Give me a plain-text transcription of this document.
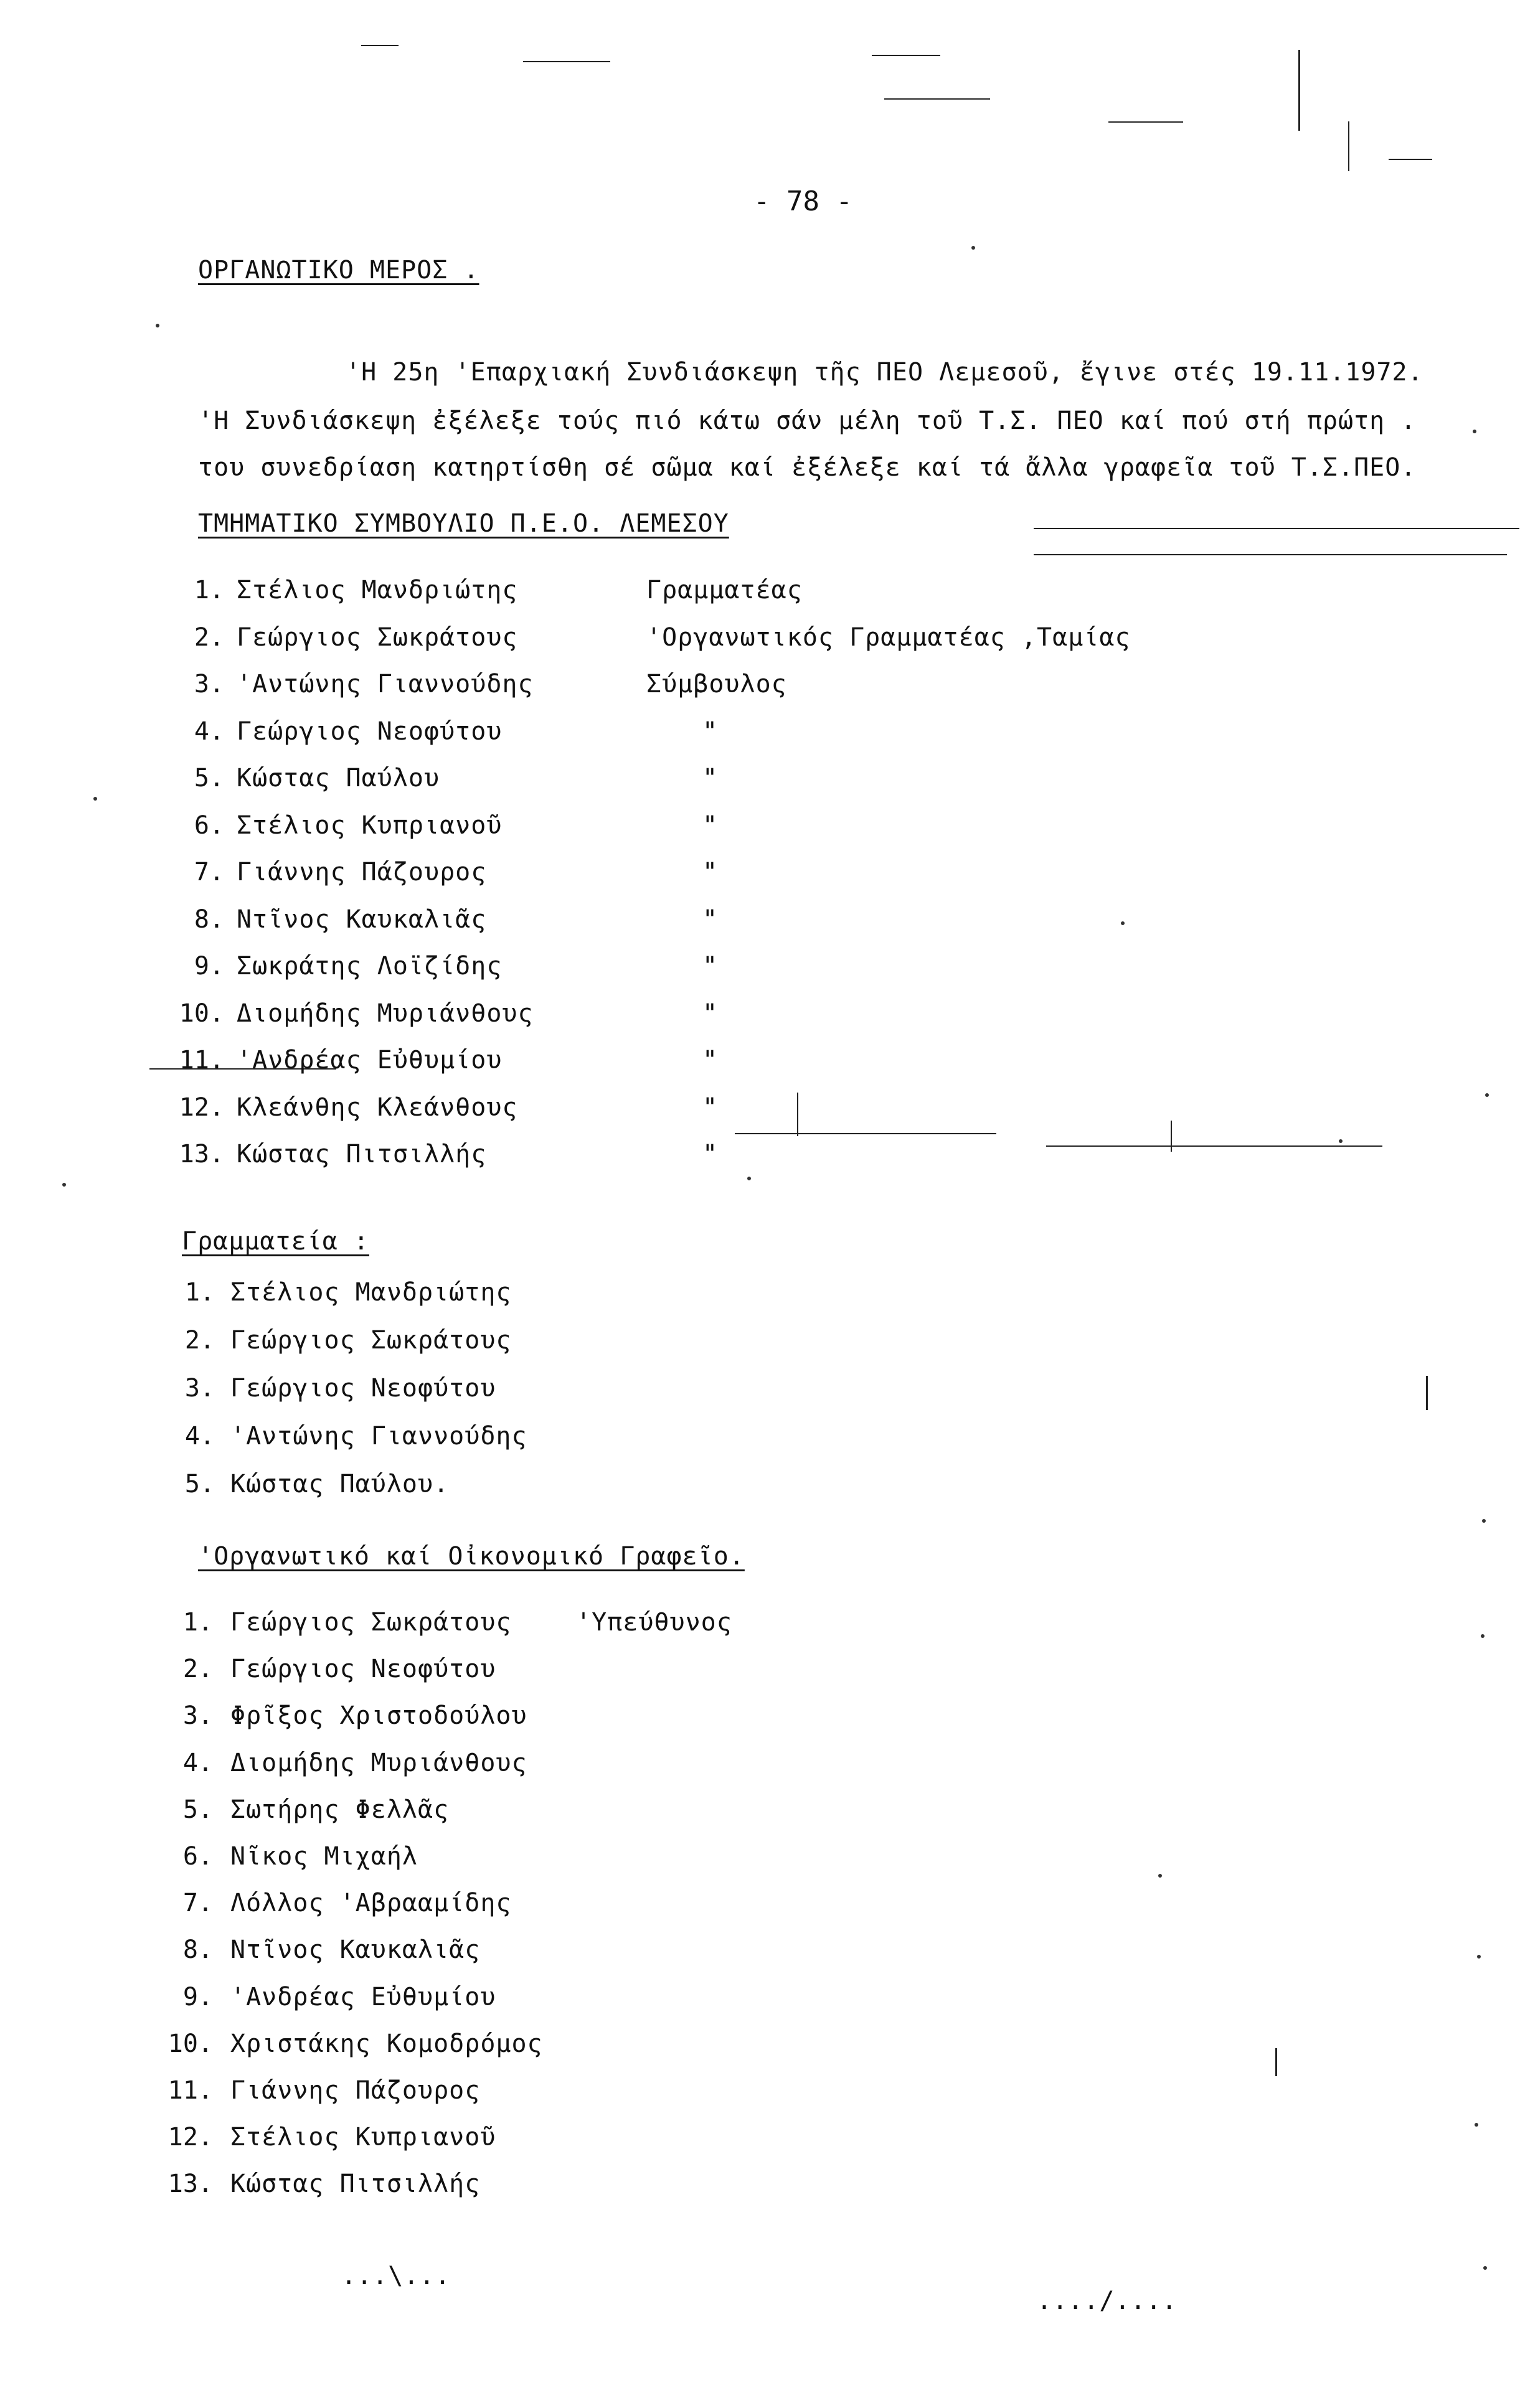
- 78 -
ΟΡΓΑΝΩΤΙΚΟ ΜΕΡΟΣ .
'Η 25η 'Επαρχιακή Συνδιάσκεψη τῆς ΠΕΟ Λεμεσοῦ, ἔγινε στές 19.11.1972.
'Η Συνδιάσκεψη ἐξέλεξε τούς πιό κάτω σάν μέλη τοῦ Τ.Σ. ΠΕΟ καί πού στή πρώτη .
του συνεδρίαση κατηρτίσθη σέ σῶμα καί ἐξέλεξε καί τά ἄλλα γραφεῖα τοῦ Τ.Σ.ΠΕΟ.
ΤΜΗΜΑΤΙΚΟ ΣΥΜΒΟΥΛΙΟ Π.Ε.Ο. ΛΕΜΕΣΟΥ
1. Στέλιος Μανδριώτης	Γραμματέας
2. Γεώργιος Σωκράτους	'Οργανωτικός Γραμματέας ,Ταμίας
3. 'Αντώνης Γιαννούδης	Σύμβουλος
4. Γεώργιος Νεοφύτου	"
5. Κώστας Παύλου	"
6. Στέλιος Κυπριανοῦ	"
7. Γιάννης Πάζουρος	"
8. Ντῖνος Καυκαλιᾶς	"
9. Σωκράτης Λοϊζίδης	"
10. Διομήδης Μυριάνθους	"
11. 'Ανδρέας Εὐθυμίου	"
12. Κλεάνθης Κλεάνθους	"
13. Κώστας Πιτσιλλής	"
Γραμματεία :
1. Στέλιος Μανδριώτης
2. Γεώργιος Σωκράτους
3. Γεώργιος Νεοφύτου
4. 'Αντώνης Γιαννούδης
5. Κώστας Παύλου.
'Οργανωτικό καί Οἰκονομικό Γραφεῖο.
1. Γεώργιος Σωκράτους	'Υπεύθυνος
2. Γεώργιος Νεοφύτου
3. Φρῖξος Χριστοδούλου
4. Διομήδης Μυριάνθους
5. Σωτήρης Φελλᾶς
6. Νῖκος Μιχαήλ
7. Λόλλος 'Αβρααμίδης
8. Ντῖνος Καυκαλιᾶς
9. 'Ανδρέας Εὐθυμίου
10. Χριστάκης Κομοδρόμος
11. Γιάννης Πάζουρος
12. Στέλιος Κυπριανοῦ
13. Κώστας Πιτσιλλής
...\...
..../....
